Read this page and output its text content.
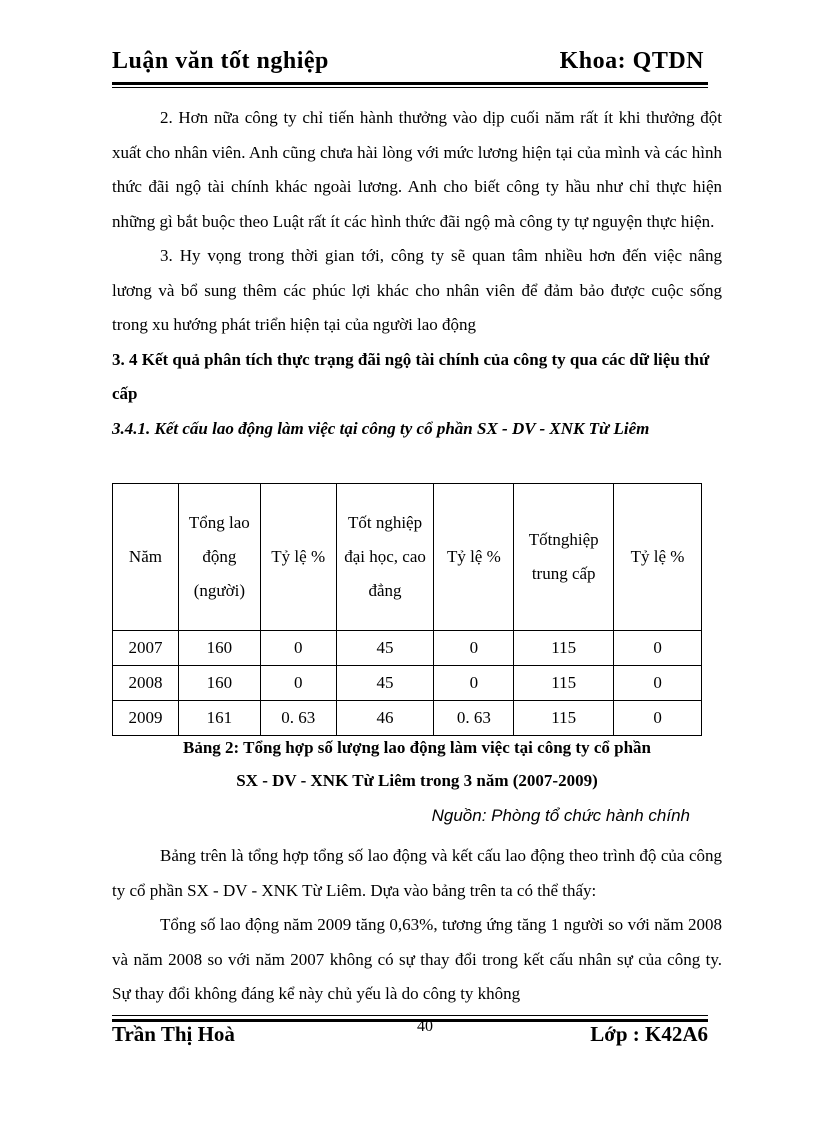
Luận văn tốt nghiệp	Khoa: QTDN

2. Hơn nữa công ty chỉ tiến hành thưởng vào dịp cuối năm rất ít khi thưởng đột xuất cho nhân viên. Anh cũng chưa hài lòng với mức lương hiện tại của mình và các hình thức đãi ngộ tài chính khác ngoài lương. Anh cho biết công ty hầu như chỉ thực hiện những gì bắt buộc theo Luật rất ít các hình thức đãi ngộ mà công ty tự nguyện thực hiện.

3. Hy vọng trong thời gian tới, công ty sẽ quan tâm nhiều hơn đến việc nâng lương và bổ sung thêm các phúc lợi khác cho nhân viên để đảm bảo được cuộc sống trong xu hướng phát triển hiện tại của người lao động

3. 4 Kết quả phân tích thực trạng đãi ngộ tài chính của công ty qua các dữ liệu thứ cấp

3.4.1. Kết cấu lao động làm việc tại công ty cổ phần SX - DV - XNK Từ Liêm

Năm	Tổng lao động (người)	Tỷ lệ %	Tốt nghiệp đại học, cao đẳng	Tỷ lệ %	Tốtnghiệp trung cấp	Tỷ lệ %
2007	160	0	45	0	115	0
2008	160	0	45	0	115	0
2009	161	0. 63	46	0. 63	115	0
Bảng 2: Tổng hợp số lượng lao động làm việc tại công ty cổ phần
SX - DV - XNK Từ Liêm trong 3 năm (2007-2009)
Nguồn: Phòng tổ chức hành chính

Bảng trên là tổng hợp tổng số lao động và kết cấu lao động theo trình độ của công ty cổ phần SX - DV - XNK Từ Liêm. Dựa vào bảng trên ta có thể thấy:

Tổng số lao động năm 2009 tăng 0,63%, tương ứng tăng 1 người so với năm 2008 và năm 2008 so với năm 2007 không có sự thay đổi trong kết cấu nhân sự của công ty. Sự thay đổi không đáng kể này chủ yếu là do công ty không

Trần Thị Hoà	40	Lớp : K42A6
